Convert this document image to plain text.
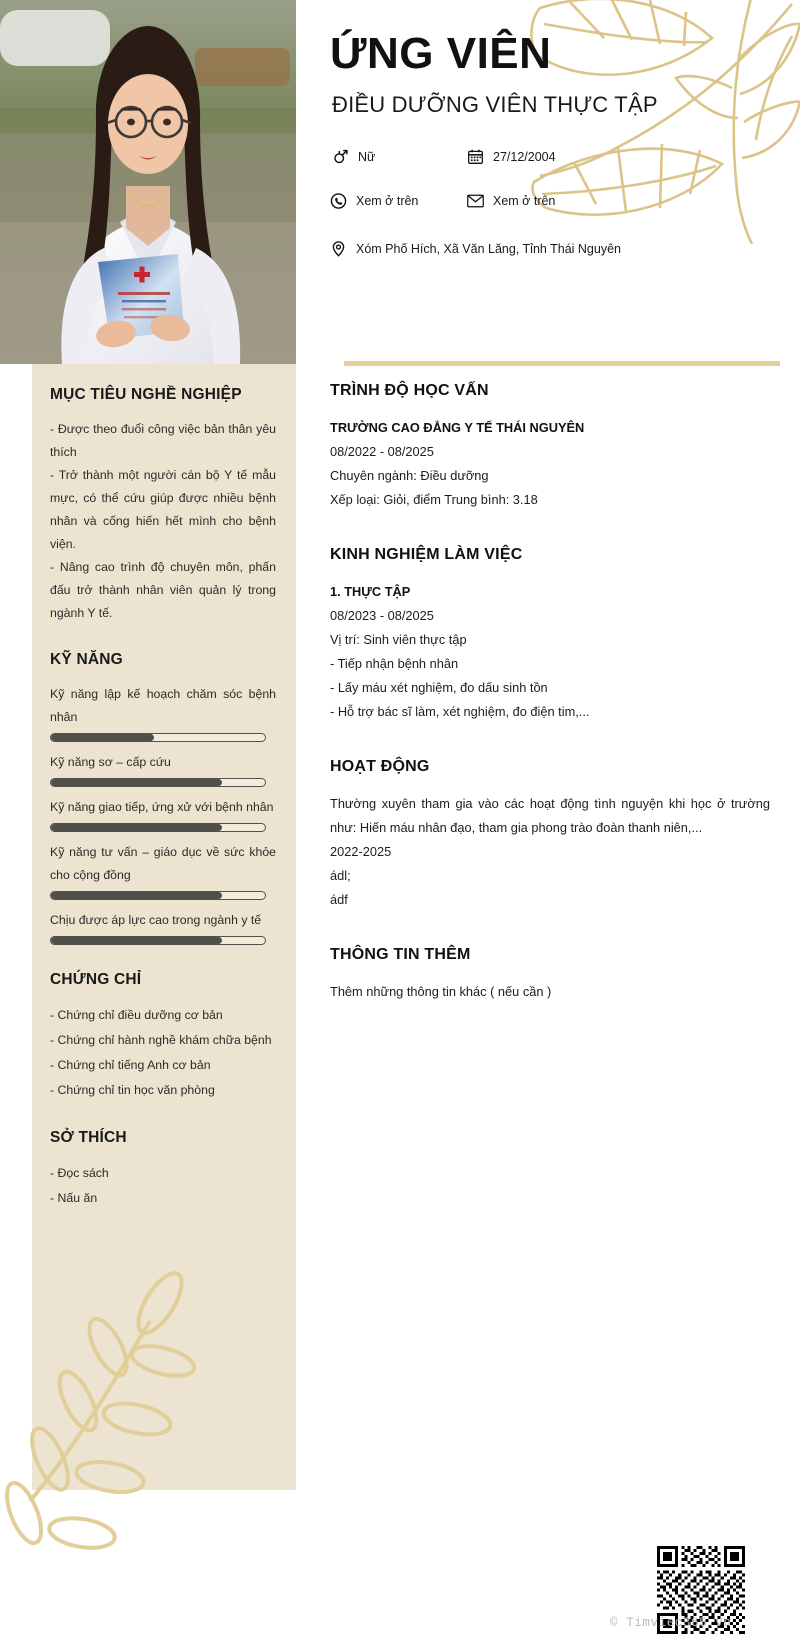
MỤC TIÊU NGHỀ NGHIỆP
- Được theo đuổi công việc bản thân yêu thích
- Trở thành một người cán bộ Y tế mẫu mực, có thể cứu giúp được nhiều bệnh nhân và cống hiến hết mình cho bệnh viện.
- Nâng cao trình độ chuyên môn, phấn đấu trở thành nhân viên quản lý trong ngành Y tế.
KỸ NĂNG
Kỹ năng lập kế hoạch chăm sóc bệnh nhân
Kỹ năng sơ – cấp cứu
Kỹ năng giao tiếp, ứng xử với bệnh nhân
Kỹ năng tư vấn – giáo dục về sức khỏe cho cộng đồng
Chịu được áp lực cao trong ngành y tế
CHỨNG CHỈ
- Chứng chỉ điều dưỡng cơ bản
- Chứng chỉ hành nghề khám chữa bệnh
- Chứng chỉ tiếng Anh cơ bản
- Chứng chỉ tin học văn phòng
SỞ THÍCH
- Đọc sách
- Nấu ăn
ỨNG VIÊN
ĐIỀU DƯỠNG VIÊN THỰC TẬP
Nữ	27/12/2004
Xem ở trên	Xem ở trên
Xóm Phố Hích, Xã Văn Lăng, Tỉnh Thái Nguyên
TRÌNH ĐỘ HỌC VẤN
TRƯỜNG CAO ĐẲNG Y TẾ THÁI NGUYÊN
08/2022 - 08/2025
Chuyên ngành: Điều dưỡng
Xếp loại: Giỏi, điểm Trung bình: 3.18
KINH NGHIỆM LÀM VIỆC
1. THỰC TẬP
08/2023 - 08/2025
Vị trí: Sinh viên thực tập
- Tiếp nhận bệnh nhân
- Lấy máu xét nghiệm, đo dấu sinh tồn
- Hỗ trợ bác sĩ làm, xét nghiệm, đo điện tim,...
HOẠT ĐỘNG
Thường xuyên tham gia vào các hoạt động tình nguyện khi học ở trường như: Hiến máu nhân đạo, tham gia phong trào đoàn thanh niên,...
2022-2025
ádl;
ádf
THÔNG TIN THÊM
Thêm những thông tin khác ( nếu cần )
© Timviec365.vn
